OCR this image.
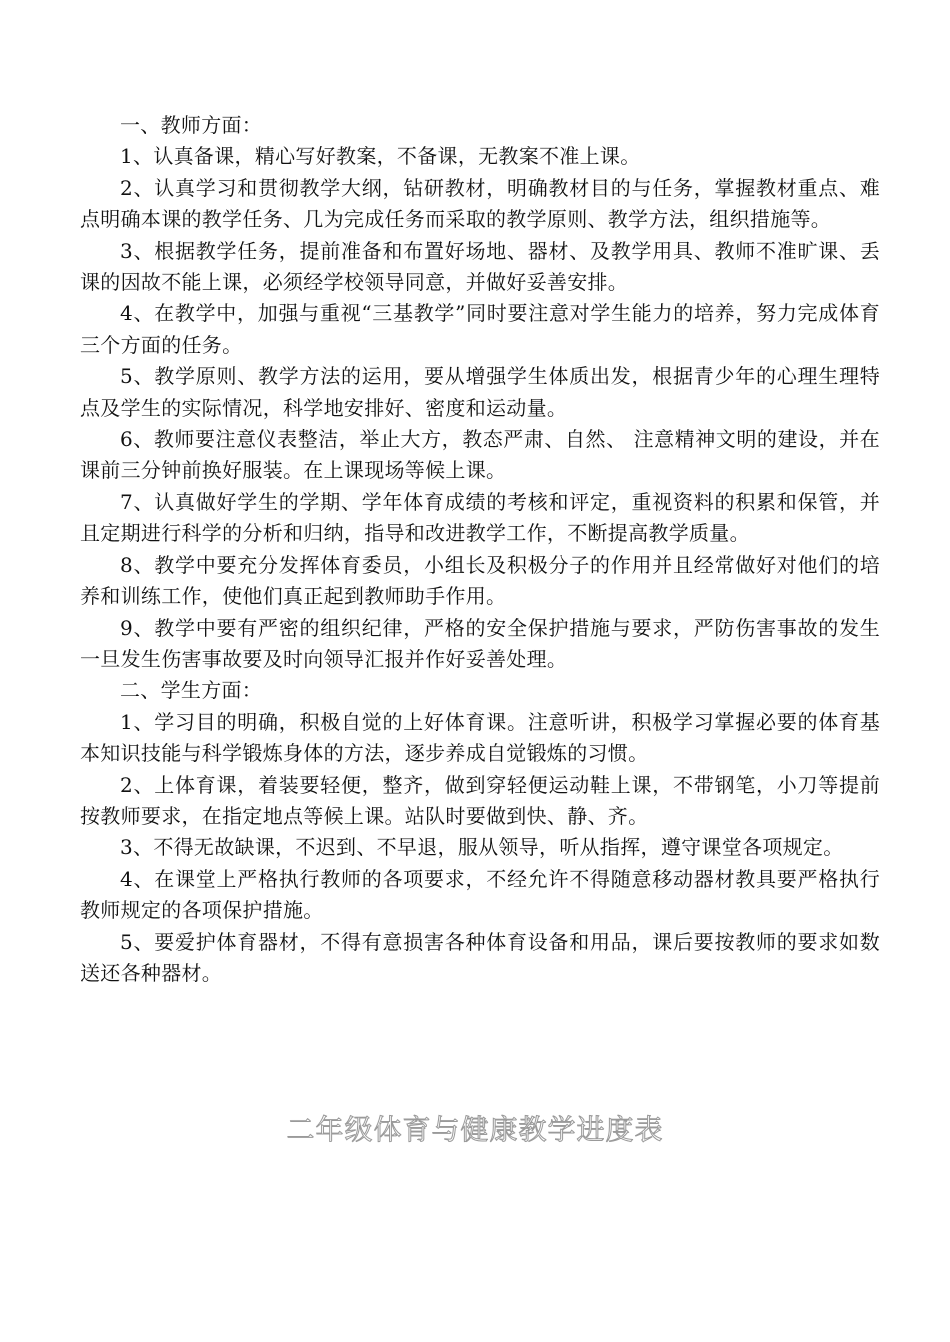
一、教师方面：

1、认真备课，精心写好教案，不备课，无教案不准上课。

2、认真学习和贯彻教学大纲，钻研教材，明确教材目的与任务，掌握教材重点、难点明确本课的教学任务、几为完成任务而采取的教学原则、教学方法，组织措施等。

3、根据教学任务，提前准备和布置好场地、器材、及教学用具、教师不准旷课、丢课的因故不能上课，必须经学校领导同意，并做好妥善安排。

4、在教学中，加强与重视“三基教学”同时要注意对学生能力的培养，努力完成体育三个方面的任务。

5、教学原则、教学方法的运用，要从增强学生体质出发，根据青少年的心理生理特点及学生的实际情况，科学地安排好、密度和运动量。

6、教师要注意仪表整洁，举止大方，教态严肃、自然、 注意精神文明的建设，并在课前三分钟前换好服装。在上课现场等候上课。

7、认真做好学生的学期、学年体育成绩的考核和评定，重视资料的积累和保管，并且定期进行科学的分析和归纳，指导和改进教学工作，不断提高教学质量。

8、教学中要充分发挥体育委员，小组长及积极分子的作用并且经常做好对他们的培养和训练工作，使他们真正起到教师助手作用。

9、教学中要有严密的组织纪律，严格的安全保护措施与要求，严防伤害事故的发生一旦发生伤害事故要及时向领导汇报并作好妥善处理。

二、学生方面：

1、学习目的明确，积极自觉的上好体育课。注意听讲，积极学习掌握必要的体育基本知识技能与科学锻炼身体的方法，逐步养成自觉锻炼的习惯。

2、上体育课，着装要轻便，整齐，做到穿轻便运动鞋上课，不带钢笔，小刀等提前按教师要求，在指定地点等候上课。站队时要做到快、静、齐。

3、不得无故缺课，不迟到、不早退，服从领导，听从指挥，遵守课堂各项规定。

4、在课堂上严格执行教师的各项要求，不经允许不得随意移动器材教具要严格执行教师规定的各项保护措施。

5、要爱护体育器材，不得有意损害各种体育设备和用品，课后要按教师的要求如数送还各种器材。

二年级体育与健康教学进度表
